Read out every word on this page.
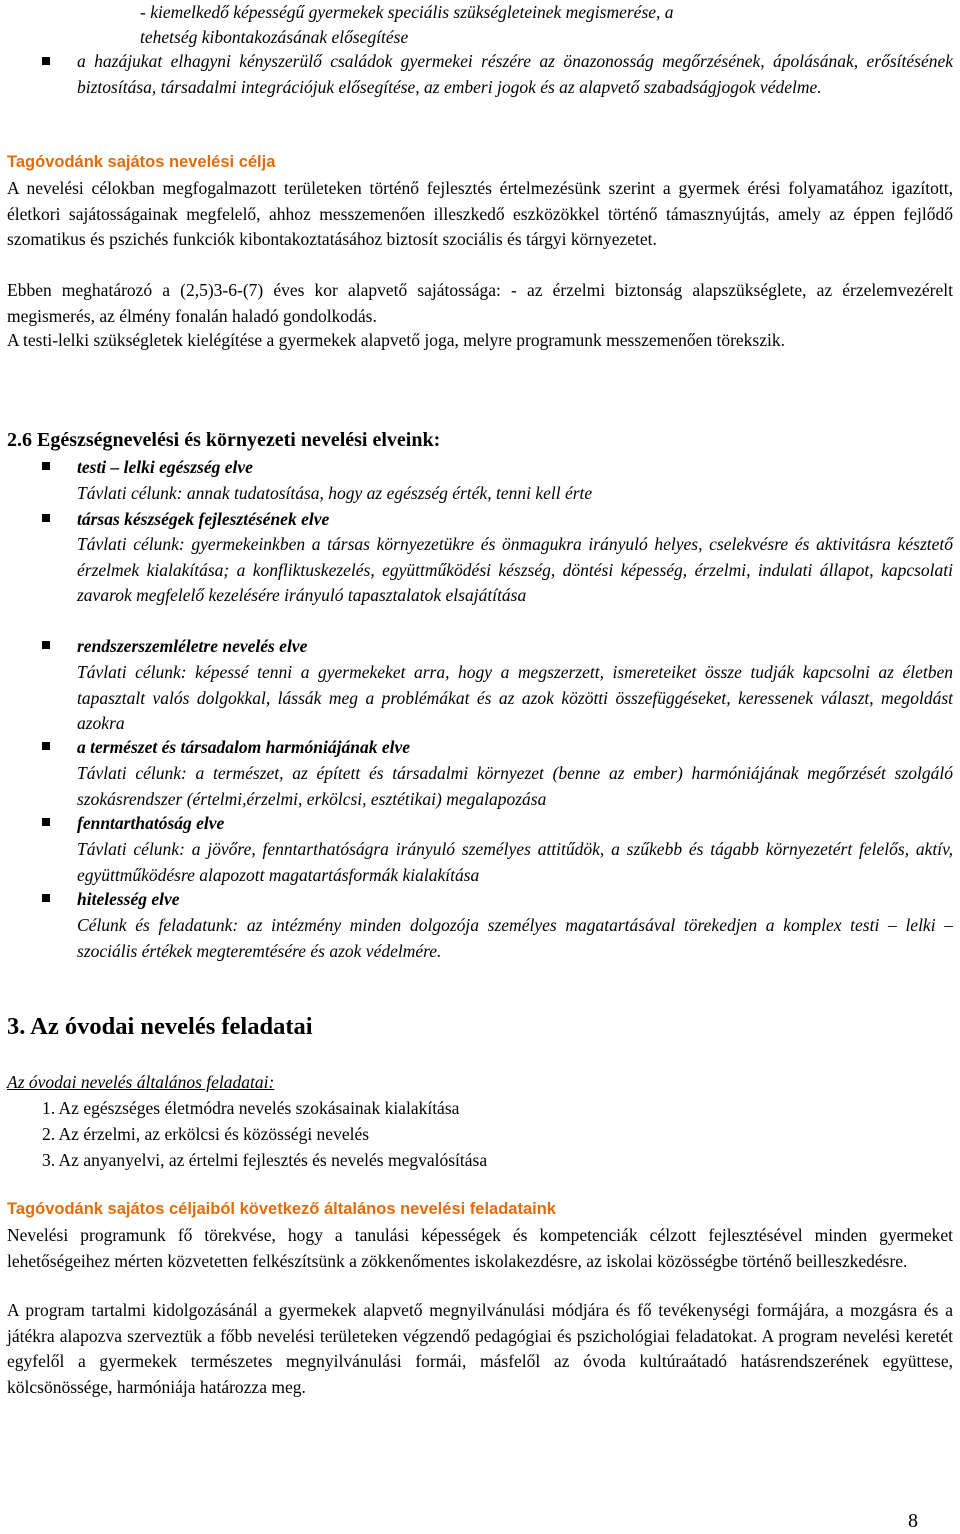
- kiemelkedő képességű gyermekek speciális szükségleteinek megismerése, a

tehetség kibontakozásának elősegítése

a hazájukat elhagyni kényszerülő családok gyermekei részére az önazonosság megőrzésének, ápolásának, erősítésének biztosítása, társadalmi integrációjuk elősegítése, az emberi jogok és az alapvető szabadságjogok védelme.

Tagóvodánk sajátos nevelési célja

A nevelési célokban megfogalmazott területeken történő fejlesztés értelmezésünk szerint a gyermek érési folyamatához igazított, életkori sajátosságainak megfelelő, ahhoz messzemenően illeszkedő eszközökkel történő támasznyújtás, amely az éppen fejlődő szomatikus és pszichés funkciók kibontakoztatásához biztosít szociális és tárgyi környezetet.

Ebben meghatározó a (2,5)3-6-(7) éves kor alapvető sajátossága: - az érzelmi biztonság alapszükséglete, az érzelemvezérelt megismerés, az élmény fonalán haladó gondolkodás.

A testi-lelki szükségletek kielégítése a gyermekek alapvető joga, melyre programunk messzemenően törekszik.

2.6 Egészségnevelési és környezeti nevelési elveink:

testi – lelki egészség elve

Távlati célunk: annak tudatosítása, hogy az egészség érték, tenni kell érte

társas készségek fejlesztésének elve

Távlati célunk: gyermekeinkben a társas környezetükre és önmagukra irányuló helyes, cselekvésre és aktivitásra késztető érzelmek kialakítása; a konfliktuskezelés, együttműködési készség, döntési képesség, érzelmi, indulati állapot, kapcsolati zavarok megfelelő kezelésére irányuló tapasztalatok elsajátítása

rendszerszemléletre nevelés elve

Távlati célunk: képessé tenni a gyermekeket arra, hogy a megszerzett, ismereteiket össze tudják kapcsolni az életben tapasztalt valós dolgokkal, lássák meg a problémákat és az azok közötti összefüggéseket, keressenek választ, megoldást azokra

a természet és társadalom harmóniájának elve

Távlati célunk: a természet, az épített és társadalmi környezet (benne az ember) harmóniájának megőrzését szolgáló szokásrendszer (értelmi,érzelmi, erkölcsi, esztétikai) megalapozása

fenntarthatóság elve

Távlati célunk: a jövőre, fenntarthatóságra irányuló személyes attitűdök, a szűkebb és tágabb környezetért felelős, aktív, együttműködésre alapozott magatartásformák kialakítása

hitelesség elve

Célunk és feladatunk: az intézmény minden dolgozója személyes magatartásával törekedjen a komplex testi – lelki – szociális értékek megteremtésére és azok védelmére.

3. Az óvodai nevelés feladatai

Az óvodai nevelés általános feladatai:

1. Az egészséges életmódra nevelés szokásainak kialakítása

2. Az érzelmi, az erkölcsi és közösségi nevelés

3. Az anyanyelvi, az értelmi fejlesztés és nevelés megvalósítása

Tagóvodánk sajátos céljaiból következő általános nevelési feladataink

Nevelési programunk fő törekvése, hogy a tanulási képességek és kompetenciák célzott fejlesztésével minden gyermeket lehetőségeihez mérten közvetetten felkészítsünk a zökkenőmentes iskolakezdésre, az iskolai közösségbe történő beilleszkedésre.

A program tartalmi kidolgozásánál a gyermekek alapvető megnyilvánulási módjára és fő tevékenységi formájára, a mozgásra és a játékra alapozva szerveztük a főbb nevelési területeken végzendő pedagógiai és pszichológiai feladatokat. A program nevelési keretét egyfelől a gyermekek természetes megnyilvánulási formái, másfelől az óvoda kultúraátadó hatásrendszerének együttese, kölcsönössége, harmóniája határozza meg.

8
